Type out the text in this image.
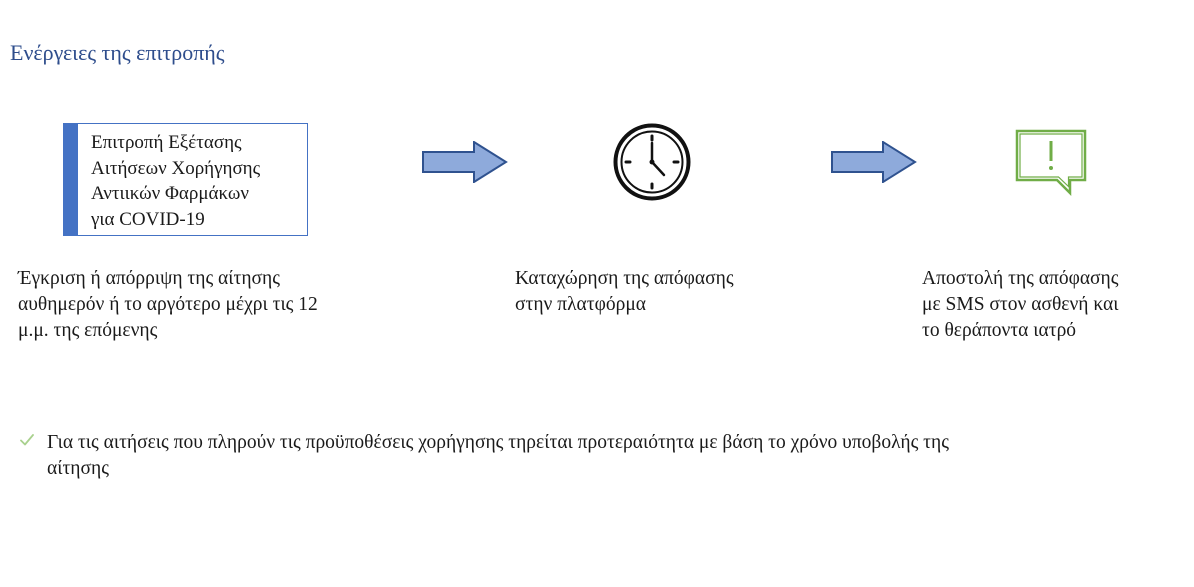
Ενέργειες της επιτροπής
Επιτροπή Εξέτασης
Αιτήσεων Χορήγησης
Αντιικών Φαρμάκων
για COVID-19
Έγκριση ή απόρριψη της αίτησης
αυθημερόν ή το αργότερο μέχρι τις 12
μ.μ. της επόμενης
Καταχώρηση της απόφασης
στην πλατφόρμα
Αποστολή της απόφασης
με SMS στον ασθενή και
το θεράποντα ιατρό
Για τις αιτήσεις που πληρούν τις προϋποθέσεις χορήγησης τηρείται προτεραιότητα με βάση το χρόνο υποβολής της
αίτησης
